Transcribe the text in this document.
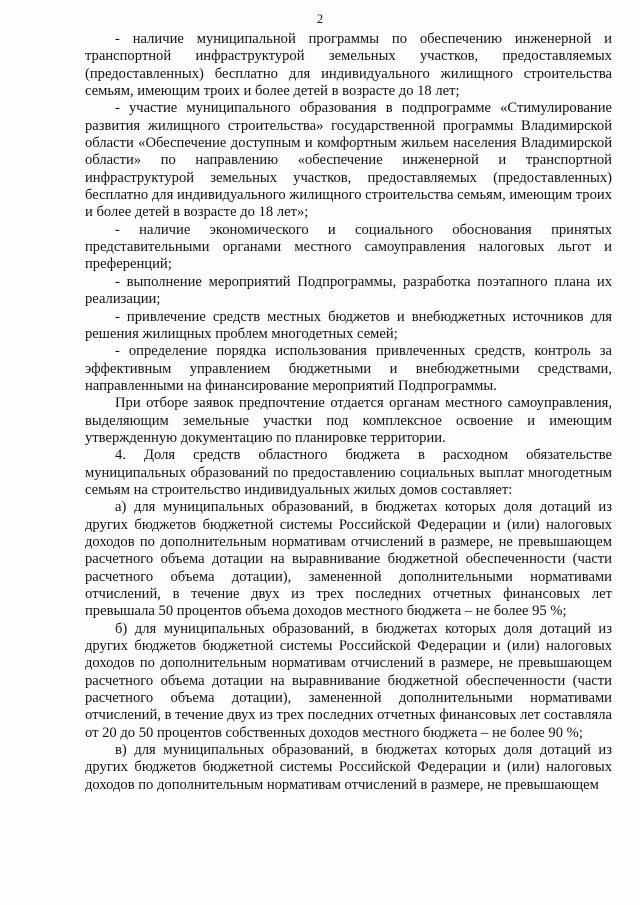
2

- наличие муниципальной программы по обеспечению инженерной и транспортной инфраструктурой земельных участков, предоставляемых (предоставленных) бесплатно для индивидуального жилищного строительства семьям, имеющим троих и более детей в возрасте до 18 лет;

- участие муниципального образования в подпрограмме «Стимулирование развития жилищного строительства» государственной программы Владимирской области «Обеспечение доступным и комфортным жильем населения Владимирской области» по направлению «обеспечение инженерной и транспортной инфраструктурой земельных участков, предоставляемых (предоставленных) бесплатно для индивидуального жилищного строительства семьям, имеющим троих и более детей в возрасте до 18 лет»;

- наличие экономического и социального обоснования принятых представительными органами местного самоуправления налоговых льгот и преференций;

- выполнение мероприятий Подпрограммы, разработка поэтапного плана их реализации;

- привлечение средств местных бюджетов и внебюджетных источников для решения жилищных проблем многодетных семей;

- определение порядка использования привлеченных средств, контроль за эффективным управлением бюджетными и внебюджетными средствами, направленными на финансирование мероприятий Подпрограммы.

При отборе заявок предпочтение отдается органам местного самоуправления, выделяющим земельные участки под комплексное освоение и имеющим утвержденную документацию по планировке территории.

4. Доля средств областного бюджета в расходном обязательстве муниципальных образований по предоставлению социальных выплат многодетным семьям на строительство индивидуальных жилых домов составляет:

а) для муниципальных образований, в бюджетах которых доля дотаций из других бюджетов бюджетной системы Российской Федерации и (или) налоговых доходов по дополнительным нормативам отчислений в размере, не превышающем расчетного объема дотации на выравнивание бюджетной обеспеченности (части расчетного объема дотации), замененной дополнительными нормативами отчислений, в течение двух из трех последних отчетных финансовых лет превышала 50 процентов объема доходов местного бюджета – не более 95 %;

б) для муниципальных образований, в бюджетах которых доля дотаций из других бюджетов бюджетной системы Российской Федерации и (или) налоговых доходов по дополнительным нормативам отчислений в размере, не превышающем расчетного объема дотации на выравнивание бюджетной обеспеченности (части расчетного объема дотации), замененной дополнительными нормативами отчислений, в течение двух из трех последних отчетных финансовых лет составляла от 20 до 50 процентов собственных доходов местного бюджета – не более 90 %;

в) для муниципальных образований, в бюджетах которых доля дотаций из других бюджетов бюджетной системы Российской Федерации и (или) налоговых доходов по дополнительным нормативам отчислений в размере, не превышающем
